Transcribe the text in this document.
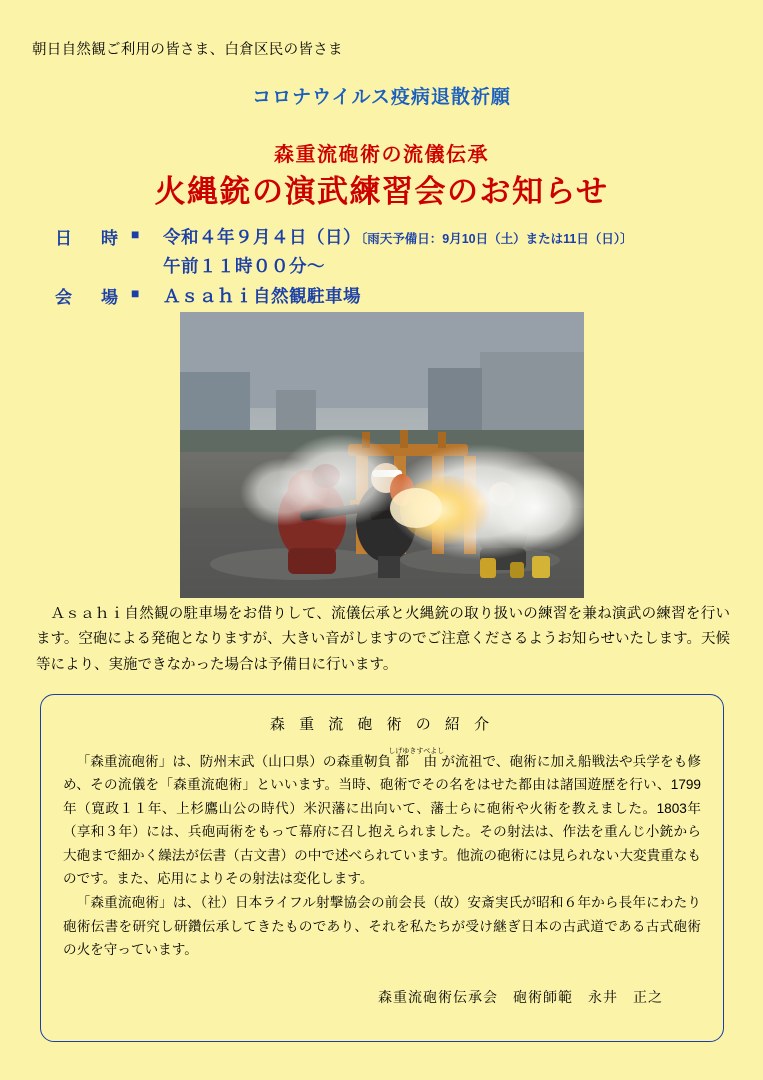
朝日自然観ご利用の皆さま、白倉区民の皆さま
コロナウイルス疫病退散祈願
森重流砲術の流儀伝承
火縄銃の演武練習会のお知らせ
日　時 ■	令和４年９月４日（日）〔雨天予備日：9月10日（土）または11日（日）〕
午前１１時００分〜
会　場 ■	Ａｓａｈｉ自然観駐車場

Ａｓａｈｉ自然観の駐車場をお借りして、流儀伝承と火縄銃の取り扱いの練習を兼ね演武の練習を行います。空砲による発砲となりますが、大きい音がしますのでご注意くださるようお知らせいたします。天候等により、実施できなかった場合は予備日に行います。

森 重 流 砲 術 の 紹 介

「森重流砲術」は、防州末武（山口県）の森重靭負都由しげゆきすべよしが流祖で、砲術に加え船戦法や兵学をも修め、その流儀を「森重流砲術」といいます。当時、砲術でその名をはせた都由は諸国遊歴を行い、1799年（寛政１１年、上杉鷹山公の時代）米沢藩に出向いて、藩士らに砲術や火術を教えました。1803年（享和３年）には、兵砲両術をもって幕府に召し抱えられました。その射法は、作法を重んじ小銃から大砲まで細かく繰法が伝書（古文書）の中で述べられています。他流の砲術には見られない大変貴重なものです。また、応用によりその射法は変化します。

「森重流砲術」は、（社）日本ライフル射撃協会の前会長（故）安斎実氏が昭和６年から長年にわたり砲術伝書を研究し研鑽伝承してきたものであり、それを私たちが受け継ぎ日本の古武道である古式砲術の火を守っています。

森重流砲術伝承会　砲術師範　永井　正之
